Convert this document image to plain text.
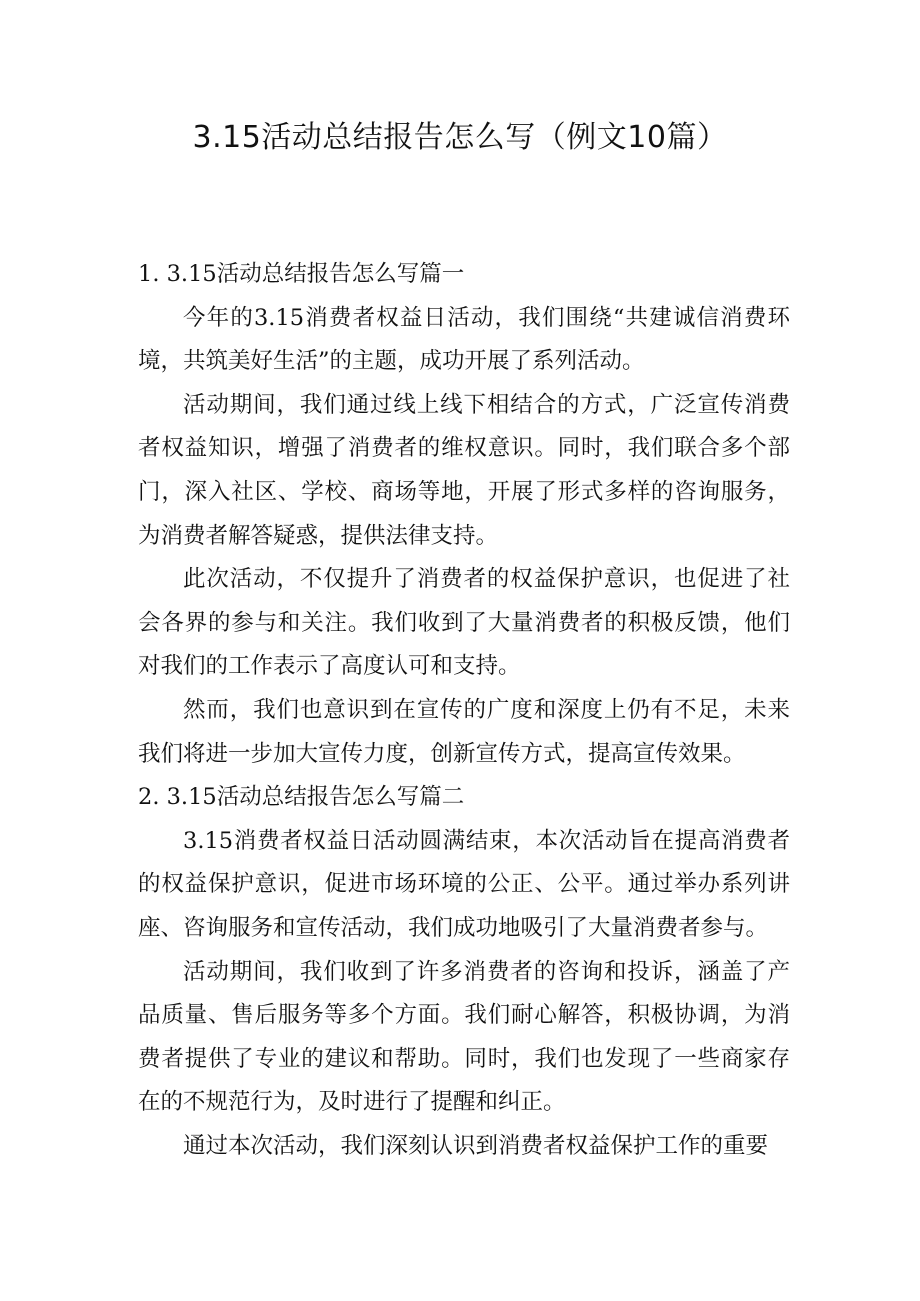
3.15活动总结报告怎么写（例文10篇）

1. 3.15活动总结报告怎么写篇一

今年的3.15消费者权益日活动，我们围绕“共建诚信消费环境，共筑美好生活”的主题，成功开展了系列活动。

活动期间，我们通过线上线下相结合的方式，广泛宣传消费者权益知识，增强了消费者的维权意识。同时，我们联合多个部门，深入社区、学校、商场等地，开展了形式多样的咨询服务，为消费者解答疑惑，提供法律支持。

此次活动，不仅提升了消费者的权益保护意识，也促进了社会各界的参与和关注。我们收到了大量消费者的积极反馈，他们对我们的工作表示了高度认可和支持。

然而，我们也意识到在宣传的广度和深度上仍有不足，未来我们将进一步加大宣传力度，创新宣传方式，提高宣传效果。

2. 3.15活动总结报告怎么写篇二

3.15消费者权益日活动圆满结束，本次活动旨在提高消费者的权益保护意识，促进市场环境的公正、公平。通过举办系列讲座、咨询服务和宣传活动，我们成功地吸引了大量消费者参与。

活动期间，我们收到了许多消费者的咨询和投诉，涵盖了产品质量、售后服务等多个方面。我们耐心解答，积极协调，为消费者提供了专业的建议和帮助。同时，我们也发现了一些商家存在的不规范行为，及时进行了提醒和纠正。

通过本次活动，我们深刻认识到消费者权益保护工作的重要
